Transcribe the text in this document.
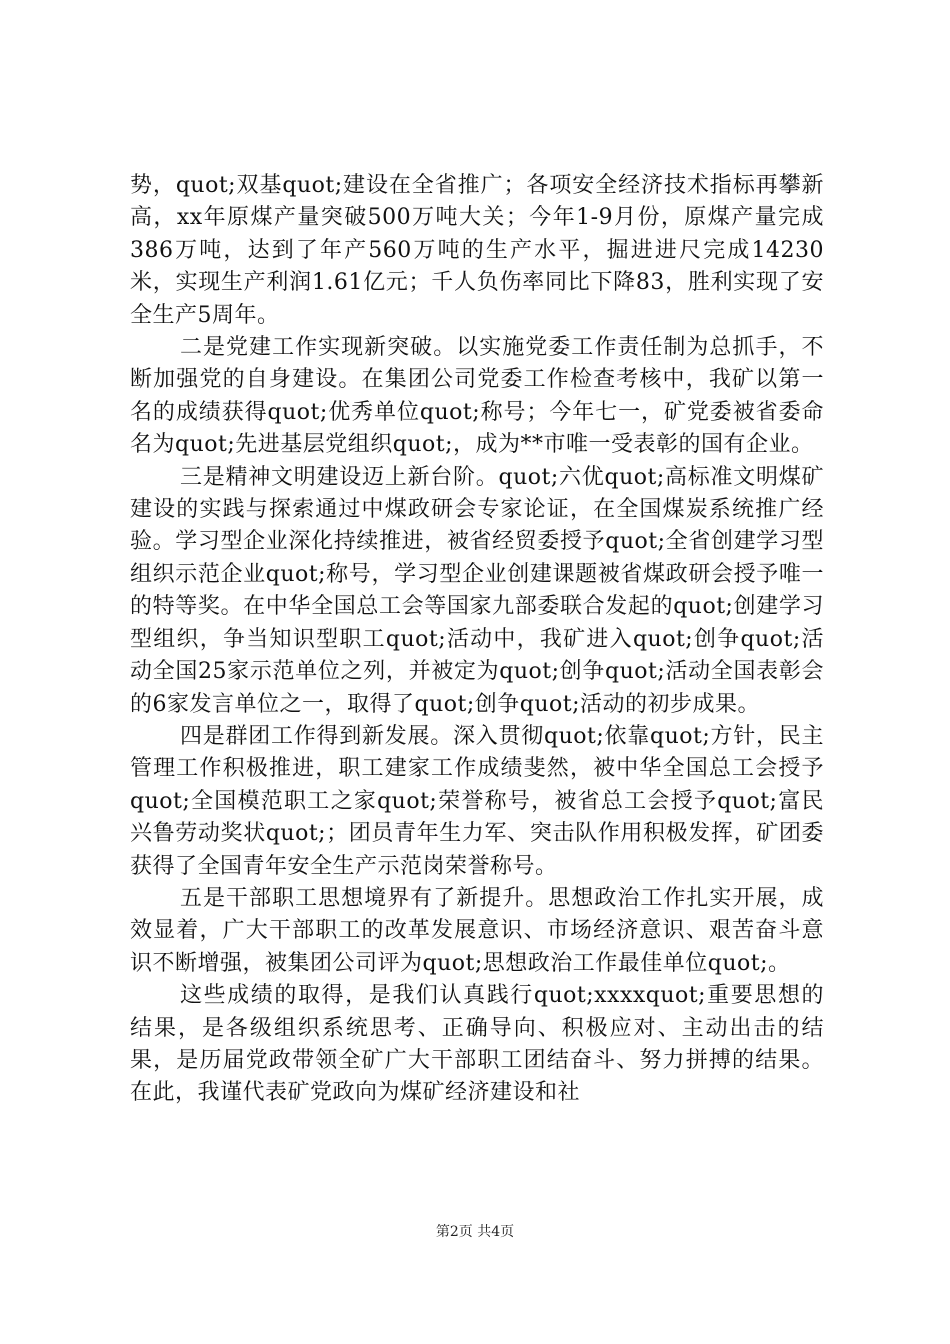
势，quot;双基quot;建设在全省推广；各项安全经济技术指标再攀新高，xx年原煤产量突破500万吨大关；今年1-9月份，原煤产量完成386万吨，达到了年产560万吨的生产水平，掘进进尺完成14230米，实现生产利润1.61亿元；千人负伤率同比下降83，胜利实现了安全生产5周年。

二是党建工作实现新突破。以实施党委工作责任制为总抓手，不断加强党的自身建设。在集团公司党委工作检查考核中，我矿以第一名的成绩获得quot;优秀单位quot;称号；今年七一，矿党委被省委命名为quot;先进基层党组织quot;，成为**市唯一受表彰的国有企业。

三是精神文明建设迈上新台阶。quot;六优quot;高标准文明煤矿建设的实践与探索通过中煤政研会专家论证，在全国煤炭系统推广经验。学习型企业深化持续推进，被省经贸委授予quot;全省创建学习型组织示范企业quot;称号，学习型企业创建课题被省煤政研会授予唯一的特等奖。在中华全国总工会等国家九部委联合发起的quot;创建学习型组织，争当知识型职工quot;活动中，我矿进入quot;创争quot;活动全国25家示范单位之列，并被定为quot;创争quot;活动全国表彰会的6家发言单位之一，取得了quot;创争quot;活动的初步成果。

四是群团工作得到新发展。深入贯彻quot;依靠quot;方针，民主管理工作积极推进，职工建家工作成绩斐然，被中华全国总工会授予quot;全国模范职工之家quot;荣誉称号，被省总工会授予quot;富民兴鲁劳动奖状quot;；团员青年生力军、突击队作用积极发挥，矿团委获得了全国青年安全生产示范岗荣誉称号。

五是干部职工思想境界有了新提升。思想政治工作扎实开展，成效显着，广大干部职工的改革发展意识、市场经济意识、艰苦奋斗意识不断增强，被集团公司评为quot;思想政治工作最佳单位quot;。

这些成绩的取得，是我们认真践行quot;xxxxquot;重要思想的结果，是各级组织系统思考、正确导向、积极应对、主动出击的结果，是历届党政带领全矿广大干部职工团结奋斗、努力拼搏的结果。在此，我谨代表矿党政向为煤矿经济建设和社

第2页 共4页
